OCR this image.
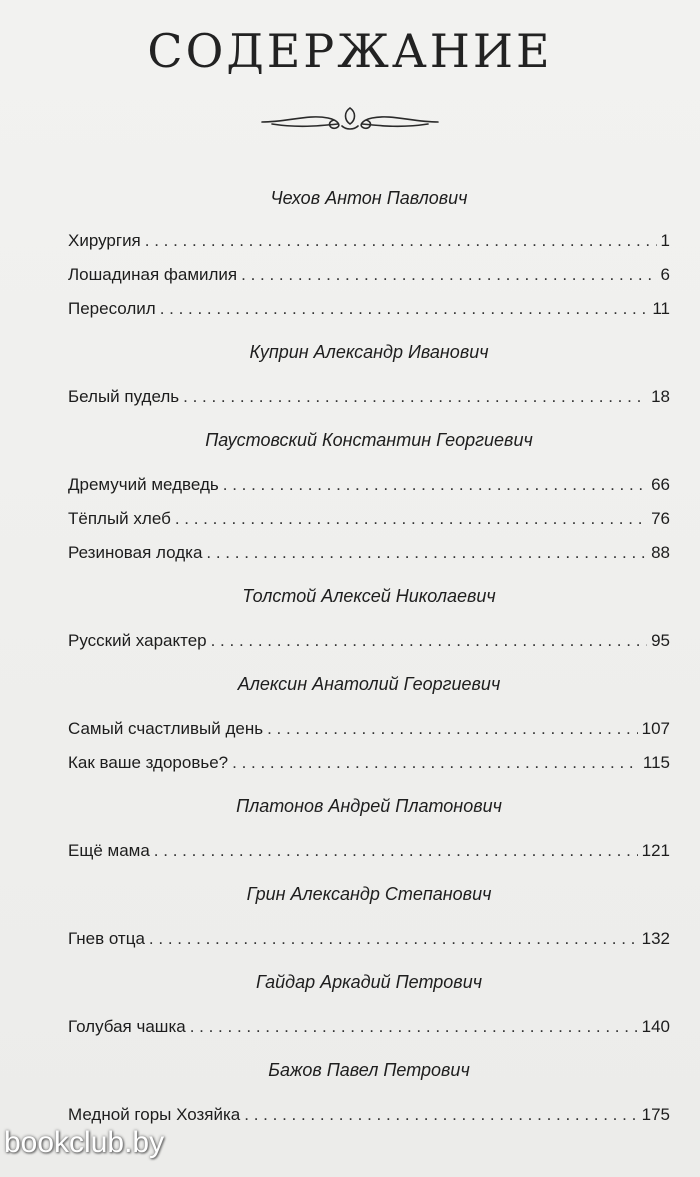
СОДЕРЖАНИЕ
Чехов Антон Павлович
Хирургия . . .	1
Лошадиная фамилия . . .	6
Пересолил . . .	11
Куприн Александр Иванович
Белый пудель . . .	18
Паустовский Константин Георгиевич
Дремучий медведь . . .	66
Тёплый хлеб . . .	76
Резиновая лодка . . .	88
Толстой Алексей Николаевич
Русский характер . . .	95
Алексин Анатолий Георгиевич
Самый счастливый день . . .	107
Как ваше здоровье? . . .	115
Платонов Андрей Платонович
Ещё мама . . .	121
Грин Александр Степанович
Гнев отца . . .	132
Гайдар Аркадий Петрович
Голубая чашка . . .	140
Бажов Павел Петрович
Медной горы Хозяйка . . .	175
bookclub.by
